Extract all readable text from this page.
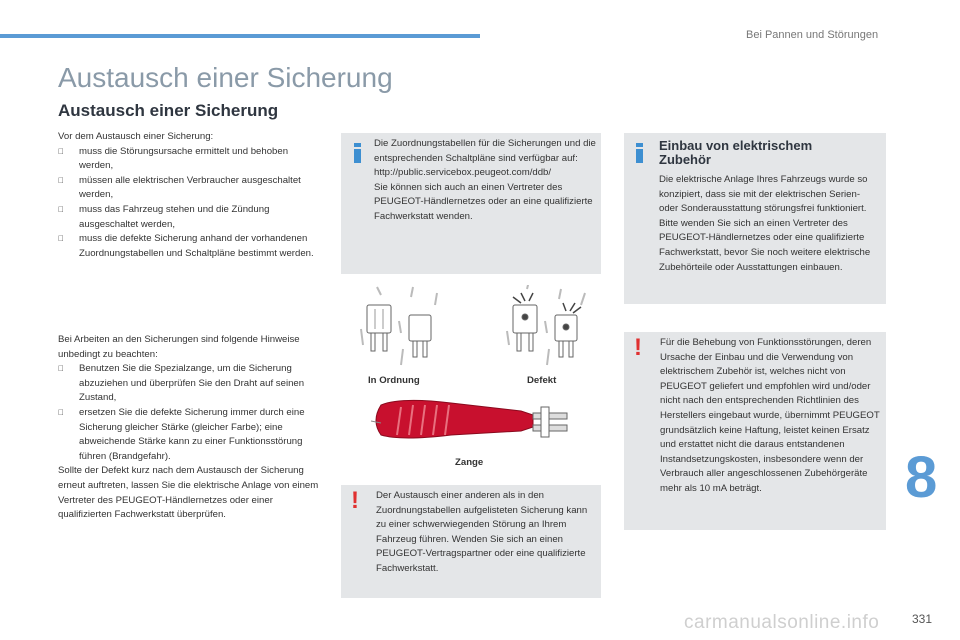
Bei Pannen und Störungen
Austausch einer Sicherung
Austausch einer Sicherung
Vor dem Austausch einer Sicherung:
muss die Störungsursache ermittelt und behoben werden,
müssen alle elektrischen Verbraucher ausgeschaltet werden,
muss das Fahrzeug stehen und die Zündung ausgeschaltet werden,
muss die defekte Sicherung anhand der vorhandenen Zuordnungstabellen und Schaltpläne bestimmt werden.
Bei Arbeiten an den Sicherungen sind folgende Hinweise unbedingt zu beachten:
Benutzen Sie die Spezialzange, um die Sicherung abzuziehen und überprüfen Sie den Draht auf seinen Zustand,
ersetzen Sie die defekte Sicherung immer durch eine Sicherung gleicher Stärke (gleicher Farbe); eine abweichende Stärke kann zu einer Funktionsstörung führen (Brandgefahr).
Sollte der Defekt kurz nach dem Austausch der Sicherung erneut auftreten, lassen Sie die elektrische Anlage von einem Vertreter des PEUGEOT-Händlernetzes oder einer qualifizierten Fachwerkstatt überprüfen.
Die Zuordnungstabellen für die Sicherungen und die entsprechenden Schaltpläne sind verfügbar auf:
http://public.servicebox.peugeot.com/ddb/
Sie können sich auch an einen Vertreter des PEUGEOT-Händlernetzes oder an eine qualifizierte Fachwerkstatt wenden.
In Ordnung	Defekt
Zange
! Der Austausch einer anderen als in den Zuordnungstabellen aufgelisteten Sicherung kann zu einer schwerwiegenden Störung an Ihrem Fahrzeug führen. Wenden Sie sich an einen PEUGEOT-Vertragspartner oder eine qualifizierte Fachwerkstatt.
Einbau von elektrischem Zubehör
Die elektrische Anlage Ihres Fahrzeugs wurde so konzipiert, dass sie mit der elektrischen Serien- oder Sonderausstattung störungsfrei funktioniert.
Bitte wenden Sie sich an einen Vertreter des PEUGEOT-Händlernetzes oder eine qualifizierte Fachwerkstatt, bevor Sie noch weitere elektrische Zubehörteile oder Ausstattungen einbauen.
! Für die Behebung von Funktionsstörungen, deren Ursache der Einbau und die Verwendung von elektrischem Zubehör ist, welches nicht von PEUGEOT geliefert und empfohlen wird und/oder nicht nach den entsprechenden Richtlinien des Herstellers eingebaut wurde, übernimmt PEUGEOT grundsätzlich keine Haftung, leistet keinen Ersatz und erstattet nicht die daraus entstandenen Instandsetzungskosten, insbesondere wenn der Verbrauch aller angeschlossenen Zubehörgeräte mehr als 10 mA beträgt.	8
carmanualsonline.info	331
